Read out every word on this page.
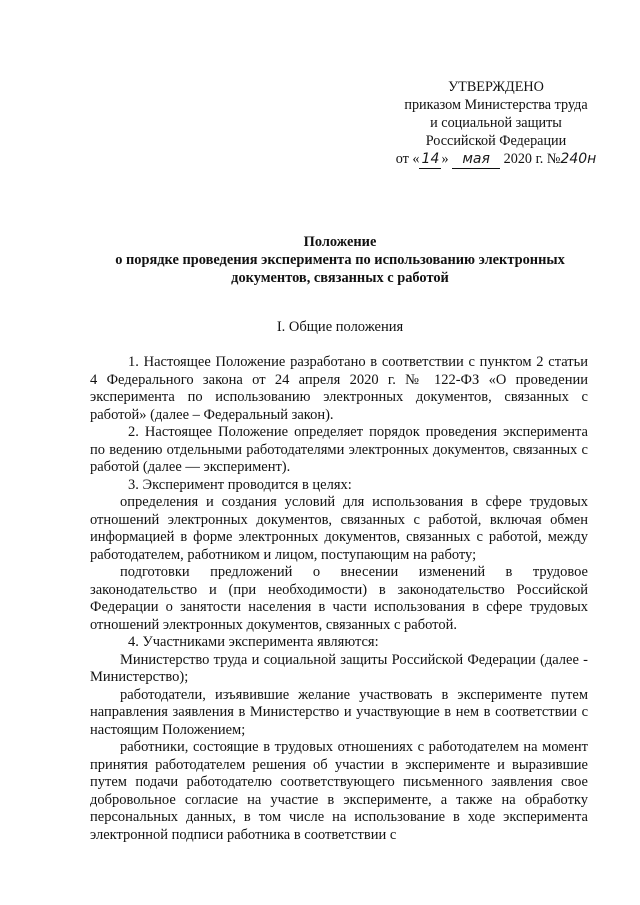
УТВЕРЖДЕНО
приказом Министерства труда
и социальной защиты
Российской Федерации
от « 14 » мая 2020 г. №240н
Положение
о порядке проведения эксперимента по использованию электронных
документов, связанных с работой
I. Общие положения

1. Настоящее Положение разработано в соответствии с пунктом 2 статьи 4 Федерального закона от 24 апреля 2020 г. № 122-ФЗ «О проведении эксперимента по использованию электронных документов, связанных с работой» (далее – Федеральный закон).

2. Настоящее Положение определяет порядок проведения эксперимента по ведению отдельными работодателями электронных документов, связанных с работой (далее — эксперимент).

3. Эксперимент проводится в целях:

определения и создания условий для использования в сфере трудовых отношений электронных документов, связанных с работой, включая обмен информацией в форме электронных документов, связанных с работой, между работодателем, работником и лицом, поступающим на работу;

подготовки предложений о внесении изменений в трудовое законодательство и (при необходимости) в законодательство Российской Федерации о занятости населения в части использования в сфере трудовых отношений электронных документов, связанных с работой.

4. Участниками эксперимента являются:

Министерство труда и социальной защиты Российской Федерации (далее - Министерство);

работодатели, изъявившие желание участвовать в эксперименте путем направления заявления в Министерство и участвующие в нем в соответствии с настоящим Положением;

работники, состоящие в трудовых отношениях с работодателем на момент принятия работодателем решения об участии в эксперименте и выразившие путем подачи работодателю соответствующего письменного заявления свое добровольное согласие на участие в эксперименте, а также на обработку персональных данных, в том числе на использование в ходе эксперимента электронной подписи работника в соответствии с
